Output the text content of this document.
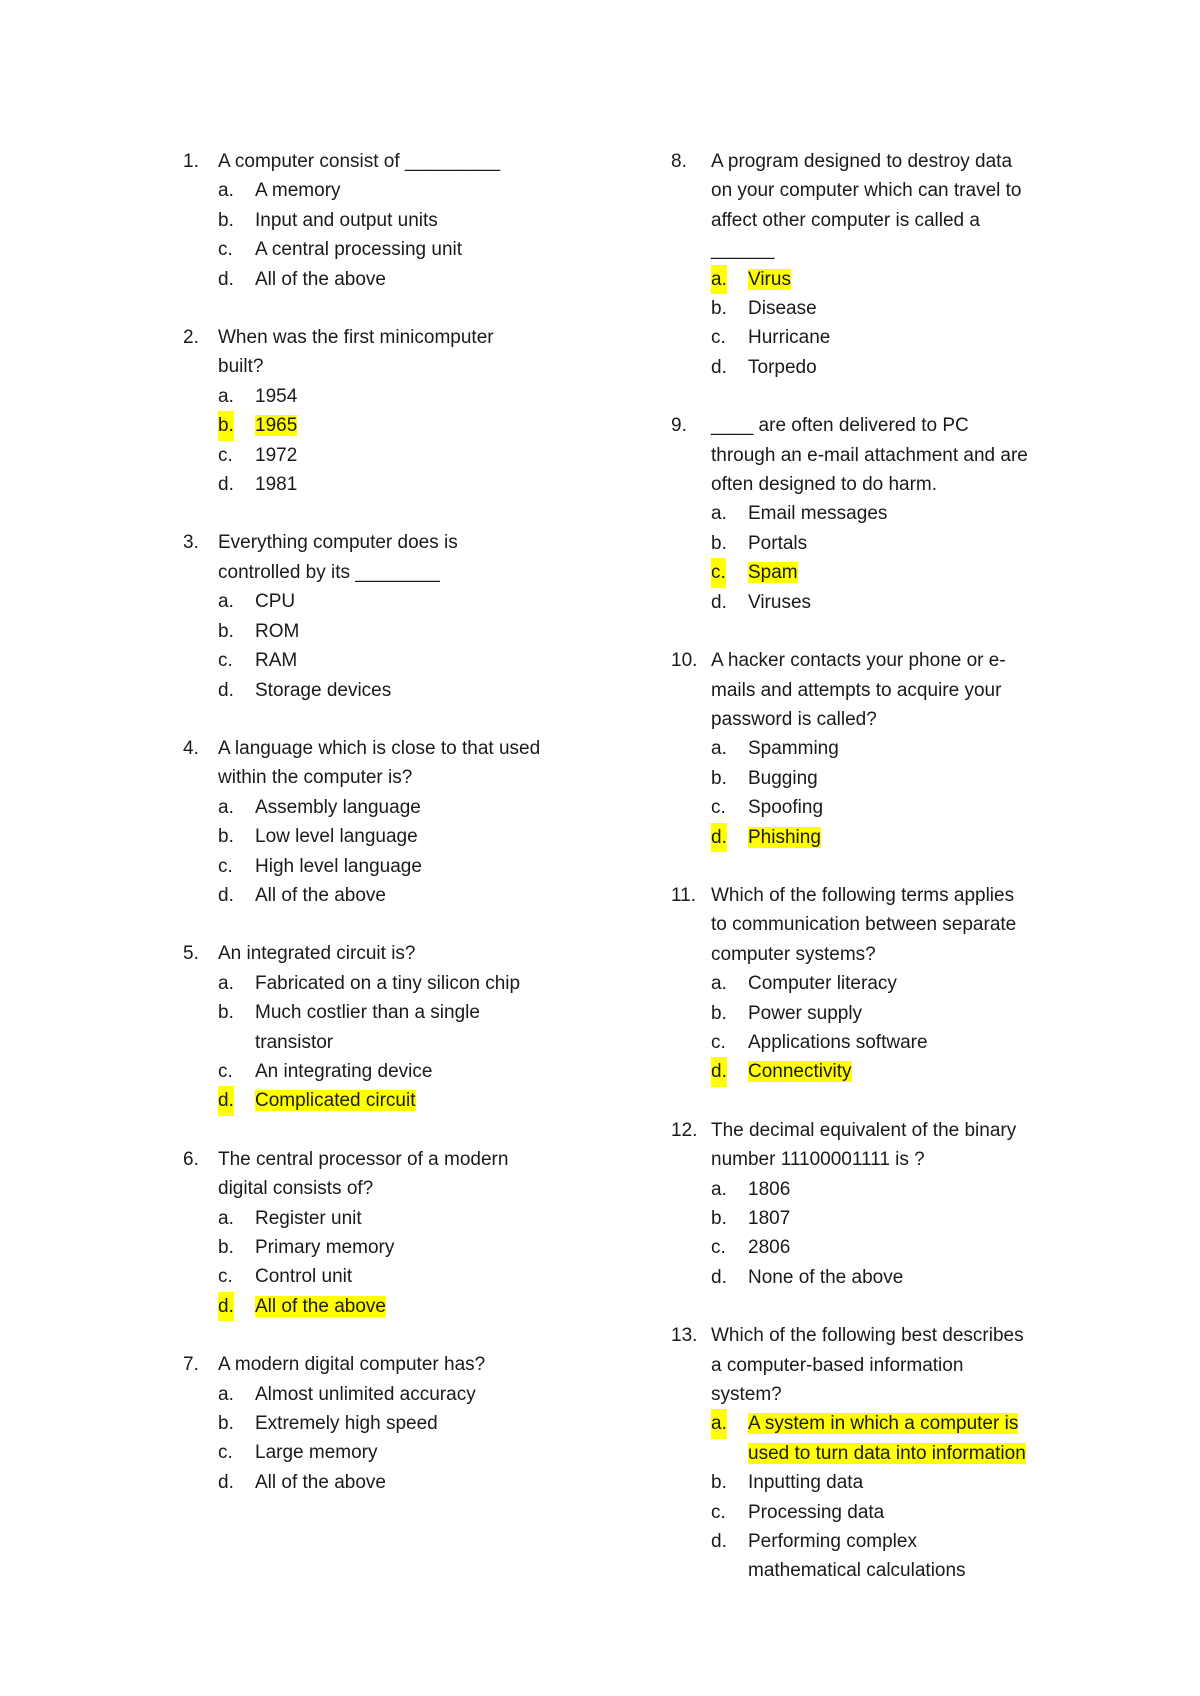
1. A computer consist of _________
a. A memory
b. Input and output units
c. A central processing unit
d. All of the above
2. When was the first minicomputer
built?
a. 1954
b. 1965
c. 1972
d. 1981
3. Everything computer does is
controlled by its ________
a. CPU
b. ROM
c. RAM
d. Storage devices
4. A language which is close to that used
within the computer is?
a. Assembly language
b. Low level language
c. High level language
d. All of the above
5. An integrated circuit is?
a. Fabricated on a tiny silicon chip
b. Much costlier than a single
transistor
c. An integrating device
d. Complicated circuit
6. The central processor of a modern
digital consists of?
a. Register unit
b. Primary memory
c. Control unit
d. All of the above
7. A modern digital computer has?
a. Almost unlimited accuracy
b. Extremely high speed
c. Large memory
d. All of the above
8. A program designed to destroy data
on your computer which can travel to
affect other computer is called a
______
a. Virus
b. Disease
c. Hurricane
d. Torpedo
9. ____ are often delivered to PC
through an e-mail attachment and are
often designed to do harm.
a. Email messages
b. Portals
c. Spam
d. Viruses
10. A hacker contacts your phone or e-
mails and attempts to acquire your
password is called?
a. Spamming
b. Bugging
c. Spoofing
d. Phishing
11. Which of the following terms applies
to communication between separate
computer systems?
a. Computer literacy
b. Power supply
c. Applications software
d. Connectivity
12. The decimal equivalent of the binary
number 11100001111 is ?
a. 1806
b. 1807
c. 2806
d. None of the above
13. Which of the following best describes
a computer-based information
system?
a. A system in which a computer is
used to turn data into information
b. Inputting data
c. Processing data
d. Performing complex
mathematical calculations
